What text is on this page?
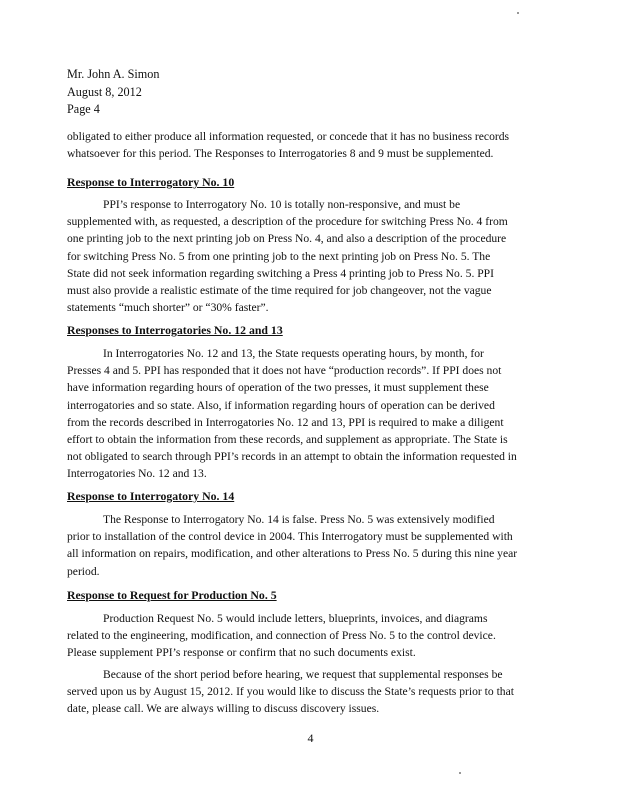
Mr. John A. Simon
August 8, 2012
Page 4
obligated to either produce all information requested, or concede that it has no business records
whatsoever for this period. The Responses to Interrogatories 8 and 9 must be supplemented.
Response to Interrogatory No. 10
PPI’s response to Interrogatory No. 10 is totally non-responsive, and must be
supplemented with, as requested, a description of the procedure for switching Press No. 4 from
one printing job to the next printing job on Press No. 4, and also a description of the procedure
for switching Press No. 5 from one printing job to the next printing job on Press No. 5. The
State did not seek information regarding switching a Press 4 printing job to Press No. 5. PPI
must also provide a realistic estimate of the time required for job changeover, not the vague
statements “much shorter” or “30% faster”.
Responses to Interrogatories No. 12 and 13
In Interrogatories No. 12 and 13, the State requests operating hours, by month, for
Presses 4 and 5. PPI has responded that it does not have “production records”. If PPI does not
have information regarding hours of operation of the two presses, it must supplement these
interrogatories and so state. Also, if information regarding hours of operation can be derived
from the records described in Interrogatories No. 12 and 13, PPI is required to make a diligent
effort to obtain the information from these records, and supplement as appropriate. The State is
not obligated to search through PPI’s records in an attempt to obtain the information requested in
Interrogatories No. 12 and 13.
Response to Interrogatory No. 14
The Response to Interrogatory No. 14 is false. Press No. 5 was extensively modified
prior to installation of the control device in 2004. This Interrogatory must be supplemented with
all information on repairs, modification, and other alterations to Press No. 5 during this nine year
period.
Response to Request for Production No. 5
Production Request No. 5 would include letters, blueprints, invoices, and diagrams
related to the engineering, modification, and connection of Press No. 5 to the control device.
Please supplement PPI’s response or confirm that no such documents exist.
Because of the short period before hearing, we request that supplemental responses be
served upon us by August 15, 2012. If you would like to discuss the State’s requests prior to that
date, please call. We are always willing to discuss discovery issues.
4
